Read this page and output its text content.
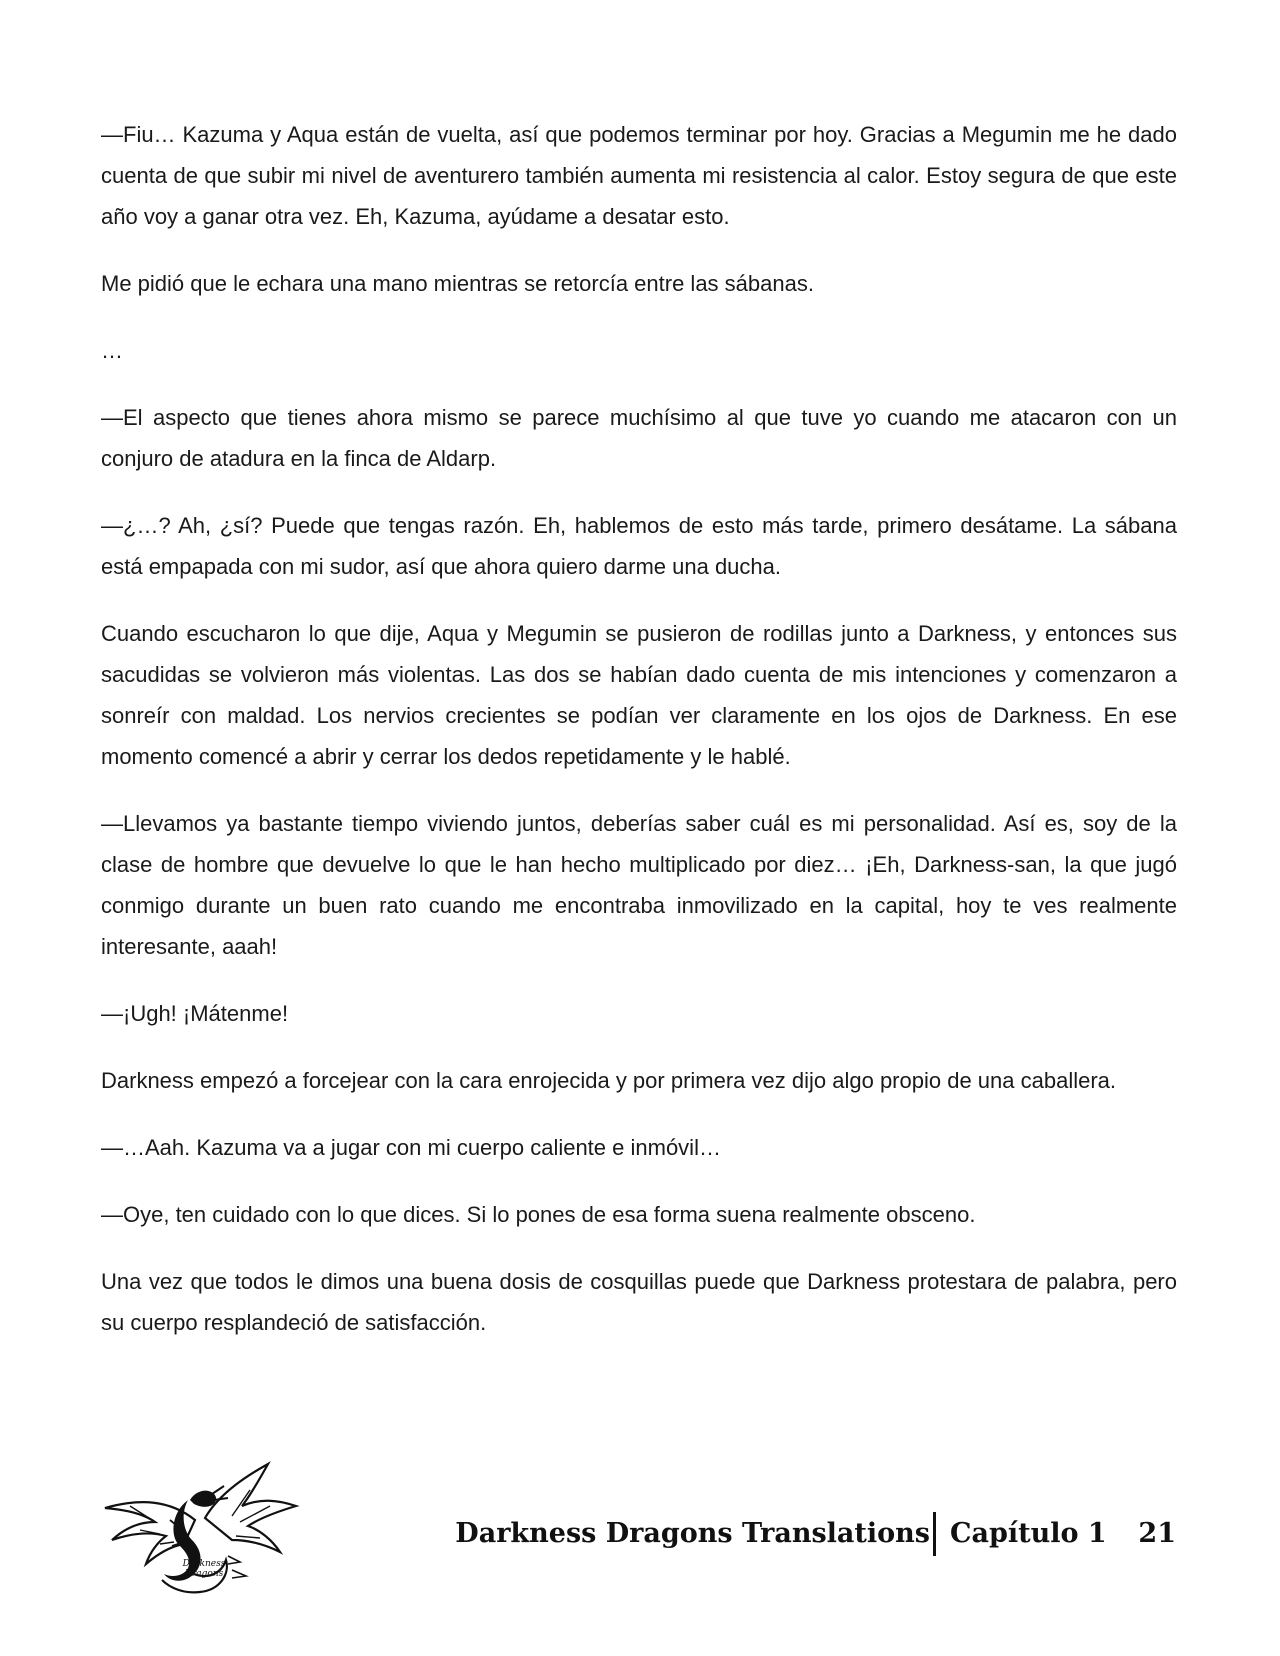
—Fiu… Kazuma y Aqua están de vuelta, así que podemos terminar por hoy. Gracias a Megumin me he dado cuenta de que subir mi nivel de aventurero también aumenta mi resistencia al calor. Estoy segura de que este año voy a ganar otra vez. Eh, Kazuma, ayúdame a desatar esto.

Me pidió que le echara una mano mientras se retorcía entre las sábanas.

…

—El aspecto que tienes ahora mismo se parece muchísimo al que tuve yo cuando me atacaron con un conjuro de atadura en la finca de Aldarp.

—¿…? Ah, ¿sí? Puede que tengas razón. Eh, hablemos de esto más tarde, primero desátame. La sábana está empapada con mi sudor, así que ahora quiero darme una ducha.

Cuando escucharon lo que dije, Aqua y Megumin se pusieron de rodillas junto a Darkness, y entonces sus sacudidas se volvieron más violentas. Las dos se habían dado cuenta de mis intenciones y comenzaron a sonreír con maldad. Los nervios crecientes se podían ver claramente en los ojos de Darkness. En ese momento comencé a abrir y cerrar los dedos repetidamente y le hablé.

—Llevamos ya bastante tiempo viviendo juntos, deberías saber cuál es mi personalidad. Así es, soy de la clase de hombre que devuelve lo que le han hecho multiplicado por diez… ¡Eh, Darkness-san, la que jugó conmigo durante un buen rato cuando me encontraba inmovilizado en la capital, hoy te ves realmente interesante, aaah!

—¡Ugh! ¡Mátenme!

Darkness empezó a forcejear con la cara enrojecida y por primera vez dijo algo propio de una caballera.

—…Aah. Kazuma va a jugar con mi cuerpo caliente e inmóvil…

—Oye, ten cuidado con lo que dices. Si lo pones de esa forma suena realmente obsceno.

Una vez que todos le dimos una buena dosis de cosquillas puede que Darkness protestara de palabra, pero su cuerpo resplandeció de satisfacción.

Darkness
Dragons
Darkness Dragons Translations Capítulo 1 21
